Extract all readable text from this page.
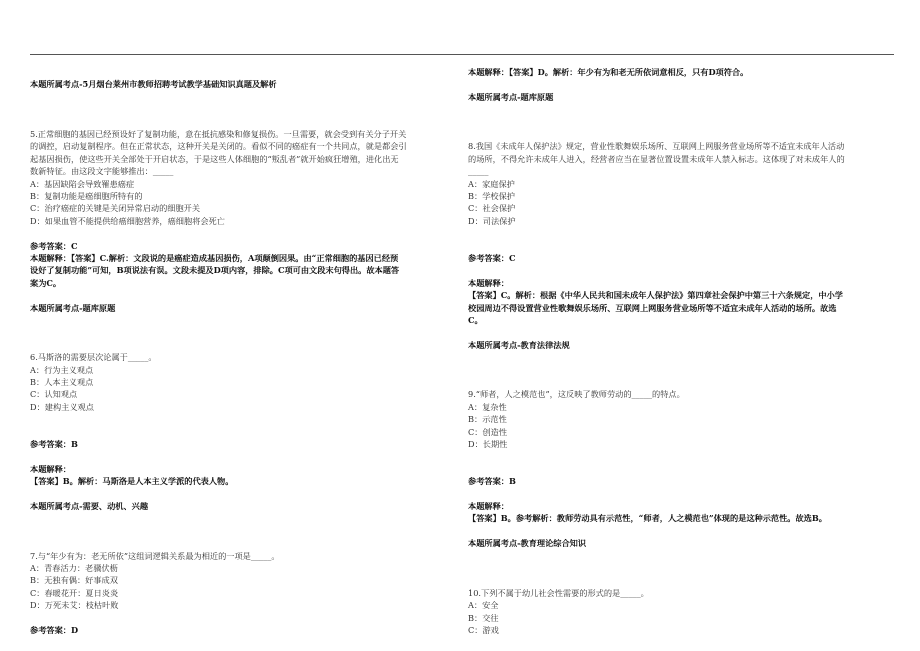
本题所属考点-5月烟台莱州市教师招聘考试教学基础知识真题及解析
5.正常细胞的基因已经预设好了复制功能，意在抵抗感染和修复损伤。一旦需要，就会受到有关分子开关
的调控，启动复制程序。但在正常状态，这种开关是关闭的。看似不同的癌症有一个共同点，就是都会引
起基因损伤，使这些开关全部处于开启状态，于是这些人体细胞的“叛乱者”就开始疯狂增殖，进化出无
数新特征。由这段文字能够推出：_____
A：基因缺陷会导致罹患癌症
B：复制功能是癌细胞所特有的
C：治疗癌症的关键是关闭异常启动的细胞开关
D：如果血管不能提供给癌细胞营养，癌细胞将会死亡
参考答案：C
本题解释：【答案】C.解析：文段说的是癌症造成基因损伤，A项颠倒因果。由“正常细胞的基因已经预
设好了复制功能”可知，B项说法有误。文段未提及D项内容，排除。C项可由文段末句得出。故本题答
案为C。
本题所属考点-题库原题
6.马斯洛的需要层次论属于_____。
A：行为主义观点
B：人本主义观点
C：认知观点
D：建构主义观点
参考答案：B
本题解释：
【答案】B。解析：马斯洛是人本主义学派的代表人物。
本题所属考点-需要、动机、兴趣
7.与“年少有为：老无所依”这组词逻辑关系最为相近的一项是_____。
A：青春活力：老骥伏枥
B：无独有偶：好事成双
C：春暖花开：夏日炎炎
D：万死未艾：枝枯叶败
参考答案：D
本题解释：【答案】D。解析：年少有为和老无所依词意相反，只有D项符合。
本题所属考点-题库原题
8.我国《未成年人保护法》规定，营业性歌舞娱乐场所、互联网上网服务营业场所等不适宜未成年人活动
的场所，不得允许未成年人进入，经营者应当在显著位置设置未成年人禁入标志。这体现了对未成年人的
_____
A：家庭保护
B：学校保护
C：社会保护
D：司法保护
参考答案：C
本题解释：
【答案】C。解析：根据《中华人民共和国未成年人保护法》第四章社会保护中第三十六条规定，中小学
校园周边不得设置营业性歌舞娱乐场所、互联网上网服务营业场所等不适宜未成年人活动的场所。故选
C。
本题所属考点-教育法律法规
9.“师者，人之模范也”，这反映了教师劳动的_____的特点。
A：复杂性
B：示范性
C：创造性
D：长期性
参考答案：B
本题解释：
【答案】B。参考解析：教师劳动具有示范性，“师者，人之模范也”体现的是这种示范性。故选B。
本题所属考点-教育理论综合知识
10.下列不属于幼儿社会性需要的形式的是_____。
A：安全
B：交往
C：游戏
